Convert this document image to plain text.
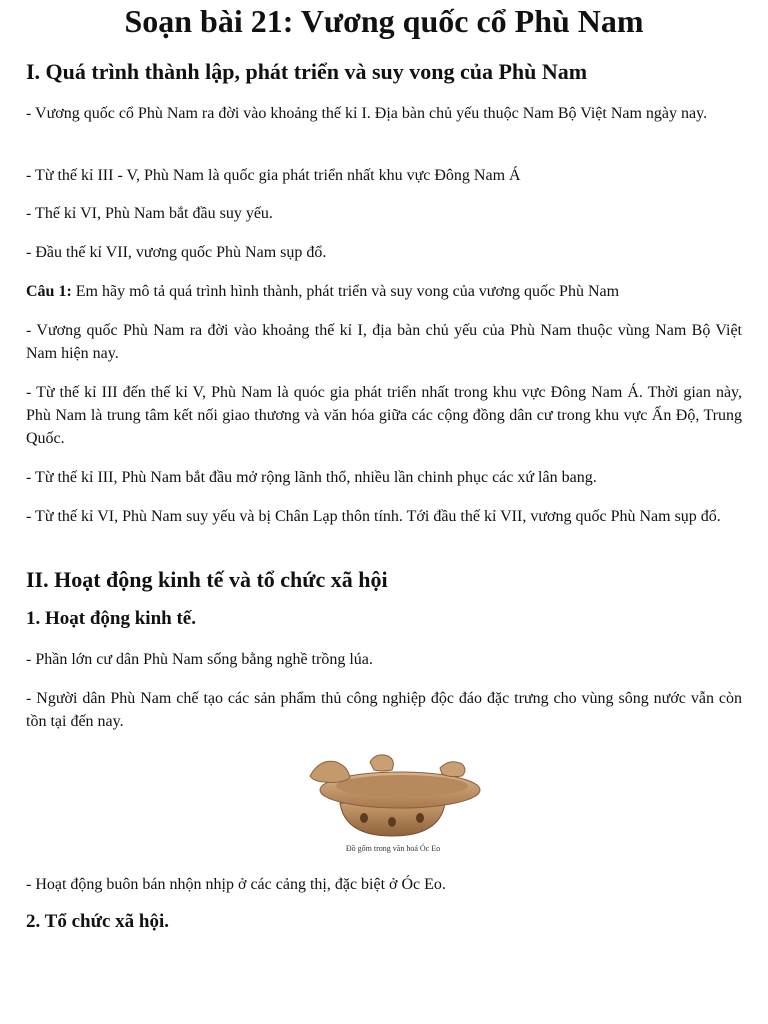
Soạn bài 21: Vương quốc cổ Phù Nam
I. Quá trình thành lập, phát triển và suy vong của Phù Nam

- Vương quốc cổ Phù Nam ra đời vào khoảng thế kỉ I. Địa bàn chủ yếu thuộc Nam Bộ Việt Nam ngày nay.

- Từ thế kỉ III - V, Phù Nam là quốc gia phát triển nhất khu vực Đông Nam Á

- Thế kỉ VI, Phù Nam bắt đầu suy yếu.

- Đầu thế kỉ VII, vương quốc Phù Nam sụp đổ.

Câu 1: Em hãy mô tả quá trình hình thành, phát triển và suy vong của vương quốc Phù Nam

- Vương quốc Phù Nam ra đời vào khoảng thế kỉ I, địa bàn chủ yếu của Phù Nam thuộc vùng Nam Bộ Việt Nam hiện nay.

- Từ thế kỉ III đến thế kỉ V, Phù Nam là quóc gia phát triển nhất trong khu vực Đông Nam Á. Thời gian này, Phù Nam là trung tâm kết nối giao thương và văn hóa giữa các cộng đồng dân cư trong khu vực Ấn Độ, Trung Quốc.

- Từ thế kỉ III, Phù Nam bắt đầu mở rộng lãnh thổ, nhiều lần chinh phục các xứ lân bang.

- Từ thế kỉ VI, Phù Nam suy yếu và bị Chân Lạp thôn tính. Tới đầu thế kỉ VII, vương quốc Phù Nam sụp đổ.

II. Hoạt động kinh tế và tổ chức xã hội
1. Hoạt động kinh tế.

- Phần lớn cư dân Phù Nam sống bằng nghề trồng lúa.

- Người dân Phù Nam chế tạo các sản phẩm thủ công nghiệp độc đáo đặc trưng cho vùng sông nước vẫn còn tồn tại đến nay.

Đồ gốm trong văn hoá Óc Eo

- Hoạt động buôn bán nhộn nhịp ở các cảng thị, đặc biệt ở Óc Eo.

2. Tổ chức xã hội.
